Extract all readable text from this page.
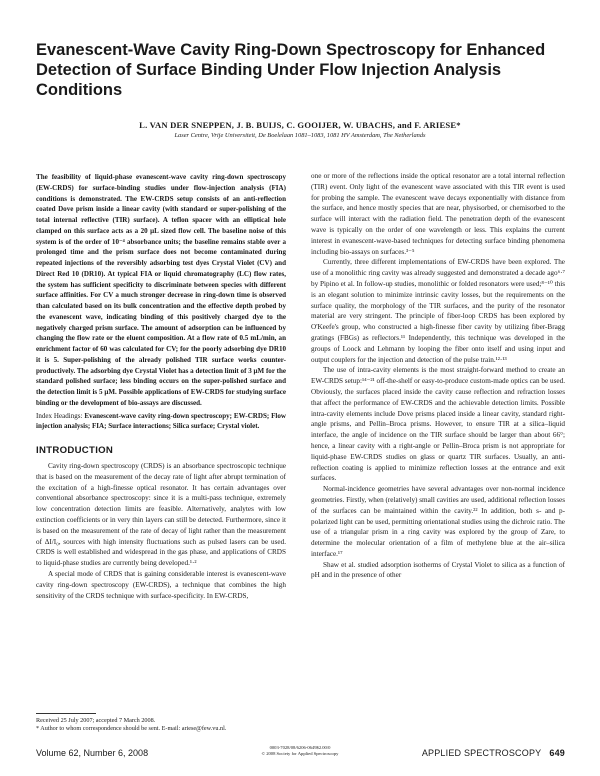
Evanescent-Wave Cavity Ring-Down Spectroscopy for Enhanced Detection of Surface Binding Under Flow Injection Analysis Conditions
L. VAN DER SNEPPEN, J. B. BUIJS, C. GOOIJER, W. UBACHS, and F. ARIESE*
Laser Centre, Vrije Universiteit, De Boelelaan 1081–1083, 1081 HV Amsterdam, The Netherlands

The feasibility of liquid-phase evanescent-wave cavity ring-down spectroscopy (EW-CRDS) for surface-binding studies under flow-injection analysis (FIA) conditions is demonstrated. The EW-CRDS setup consists of an anti-reflection coated Dove prism inside a linear cavity (with standard or super-polishing of the total internal reflective (TIR) surface). A teflon spacer with an elliptical hole clamped on this surface acts as a 20 μL sized flow cell. The baseline noise of this system is of the order of 10⁻⁴ absorbance units; the baseline remains stable over a prolonged time and the prism surface does not become contaminated during repeated injections of the reversibly adsorbing test dyes Crystal Violet (CV) and Direct Red 10 (DR10). At typical FIA or liquid chromatography (LC) flow rates, the system has sufficient specificity to discriminate between species with different surface affinities. For CV a much stronger decrease in ring-down time is observed than calculated based on its bulk concentration and the effective depth probed by the evanescent wave, indicating binding of this positively charged dye to the negatively charged prism surface. The amount of adsorption can be influenced by changing the flow rate or the eluent composition. At a flow rate of 0.5 mL/min, an enrichment factor of 60 was calculated for CV; for the poorly adsorbing dye DR10 it is 5. Super-polishing of the already polished TIR surface works counter-productively. The adsorbing dye Crystal Violet has a detection limit of 3 μM for the standard polished surface; less binding occurs on the super-polished surface and the detection limit is 5 μM. Possible applications of EW-CRDS for studying surface binding or the development of bio-assays are discussed.

Index Headings: Evanescent-wave cavity ring-down spectroscopy; EW-CRDS; Flow injection analysis; FIA; Surface interactions; Silica surface; Crystal violet.

INTRODUCTION

Cavity ring-down spectroscopy (CRDS) is an absorbance spectroscopic technique that is based on the measurement of the decay rate of light after abrupt termination of the excitation of a high-finesse optical resonator. It has certain advantages over conventional absorbance spectroscopy: since it is a multi-pass technique, extremely low concentration detection limits are feasible. Alternatively, analytes with low extinction coefficients or in very thin layers can still be detected. Furthermore, since it is based on the measurement of the rate of decay of light rather than the measurement of ΔI/I₀, sources with high intensity fluctuations such as pulsed lasers can be used. CRDS is well established and widespread in the gas phase, and applications of CRDS to liquid-phase studies are currently being developed.¹·²

A special mode of CRDS that is gaining considerable interest is evanescent-wave cavity ring-down spectroscopy (EW-CRDS), a technique that combines the high sensitivity of the CRDS technique with surface-specificity. In EW-CRDS,

Received 25 July 2007; accepted 7 March 2008.
* Author to whom correspondence should be sent. E-mail: ariese@few.vu.nl.

one or more of the reflections inside the optical resonator are a total internal reflection (TIR) event. Only light of the evanescent wave associated with this TIR event is used for probing the sample. The evanescent wave decays exponentially with distance from the surface, and hence mostly species that are near, physisorbed, or chemisorbed to the surface will interact with the radiation field. The penetration depth of the evanescent wave is typically on the order of one wavelength or less. This explains the current interest in evanescent-wave-based techniques for detecting surface binding phenomena including bio-assays on surfaces.³⁻⁵

Currently, three different implementations of EW-CRDS have been explored. The use of a monolithic ring cavity was already suggested and demonstrated a decade ago⁶·⁷ by Pipino et al. In follow-up studies, monolithic or folded resonators were used;⁸⁻¹⁰ this is an elegant solution to minimize intrinsic cavity losses, but the requirements on the surface quality, the morphology of the TIR surfaces, and the purity of the resonator material are very stringent. The principle of fiber-loop CRDS has been explored by O'Keefe's group, who constructed a high-finesse fiber cavity by utilizing fiber-Bragg gratings (FBGs) as reflectors.¹¹ Independently, this technique was developed in the groups of Loock and Lehmann by looping the fiber onto itself and using input and output couplers for the injection and detection of the pulse train.¹²·¹³

The use of intra-cavity elements is the most straight-forward method to create an EW-CRDS setup:¹⁴⁻²¹ off-the-shelf or easy-to-produce custom-made optics can be used. Obviously, the surfaces placed inside the cavity cause reflection and refraction losses that affect the performance of EW-CRDS and the achievable detection limits. Possible intra-cavity elements include Dove prisms placed inside a linear cavity, standard right-angle prisms, and Pellin–Broca prisms. However, to ensure TIR at a silica–liquid interface, the angle of incidence on the TIR surface should be larger than about 66°; hence, a linear cavity with a right-angle or Pellin–Broca prism is not appropriate for liquid-phase EW-CRDS studies on glass or quartz TIR surfaces. Usually, an anti-reflection coating is applied to minimize reflection losses at the entrance and exit surfaces.

Normal-incidence geometries have several advantages over non-normal incidence geometries. Firstly, when (relatively) small cavities are used, additional reflection losses of the surfaces can be maintained within the cavity.²² In addition, both s- and p-polarized light can be used, permitting orientational studies using the dichroic ratio. The use of a triangular prism in a ring cavity was explored by the group of Zare, to determine the molecular orientation of a film of methylene blue at the air–silica interface.¹⁷

Shaw et al. studied adsorption isotherms of Crystal Violet to silica as a function of pH and in the presence of other

Volume 62, Number 6, 2008
0003-7028/08/6206-0649$2.00/0
© 2008 Society for Applied Spectroscopy	APPLIED SPECTROSCOPY 649
